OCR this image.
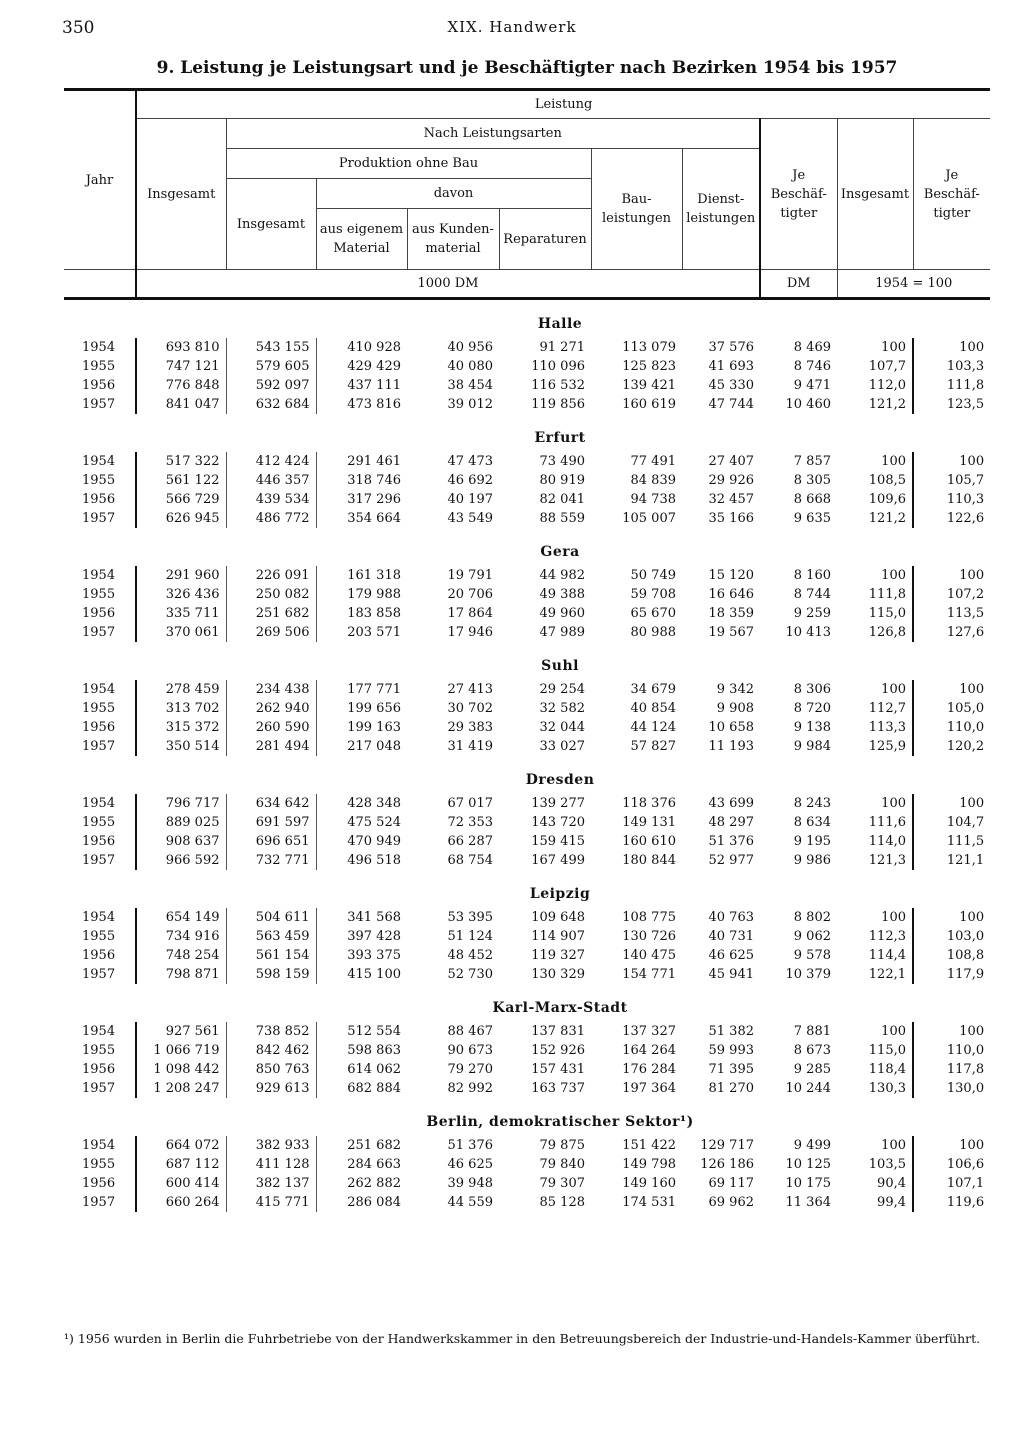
350	XIX. Handwerk
9. Leistung je Leistungsart und je Beschäftigter nach Bezirken 1954 bis 1957
Jahr	Leistung									
	Insgesamt	Nach Leistungsarten						Je Beschäf-tigter	Insgesamt	Je Beschäf-tigter
		Produktion ohne Bau				Bau-leistungen	Dienst-leistungen			
		Insgesamt	davon							
			aus eigenem Material	aus Kunden-material	Reparaturen					
	1000 DM							DM	1954 = 100	
	Halle									
1954	693 810	543 155	410 928	40 956	91 271	113 079	37 576	8 469	100	100
1955	747 121	579 605	429 429	40 080	110 096	125 823	41 693	8 746	107,7	103,3
1956	776 848	592 097	437 111	38 454	116 532	139 421	45 330	9 471	112,0	111,8
1957	841 047	632 684	473 816	39 012	119 856	160 619	47 744	10 460	121,2	123,5
	Erfurt									
1954	517 322	412 424	291 461	47 473	73 490	77 491	27 407	7 857	100	100
1955	561 122	446 357	318 746	46 692	80 919	84 839	29 926	8 305	108,5	105,7
1956	566 729	439 534	317 296	40 197	82 041	94 738	32 457	8 668	109,6	110,3
1957	626 945	486 772	354 664	43 549	88 559	105 007	35 166	9 635	121,2	122,6
	Gera									
1954	291 960	226 091	161 318	19 791	44 982	50 749	15 120	8 160	100	100
1955	326 436	250 082	179 988	20 706	49 388	59 708	16 646	8 744	111,8	107,2
1956	335 711	251 682	183 858	17 864	49 960	65 670	18 359	9 259	115,0	113,5
1957	370 061	269 506	203 571	17 946	47 989	80 988	19 567	10 413	126,8	127,6
	Suhl									
1954	278 459	234 438	177 771	27 413	29 254	34 679	9 342	8 306	100	100
1955	313 702	262 940	199 656	30 702	32 582	40 854	9 908	8 720	112,7	105,0
1956	315 372	260 590	199 163	29 383	32 044	44 124	10 658	9 138	113,3	110,0
1957	350 514	281 494	217 048	31 419	33 027	57 827	11 193	9 984	125,9	120,2
	Dresden									
1954	796 717	634 642	428 348	67 017	139 277	118 376	43 699	8 243	100	100
1955	889 025	691 597	475 524	72 353	143 720	149 131	48 297	8 634	111,6	104,7
1956	908 637	696 651	470 949	66 287	159 415	160 610	51 376	9 195	114,0	111,5
1957	966 592	732 771	496 518	68 754	167 499	180 844	52 977	9 986	121,3	121,1
	Leipzig									
1954	654 149	504 611	341 568	53 395	109 648	108 775	40 763	8 802	100	100
1955	734 916	563 459	397 428	51 124	114 907	130 726	40 731	9 062	112,3	103,0
1956	748 254	561 154	393 375	48 452	119 327	140 475	46 625	9 578	114,4	108,8
1957	798 871	598 159	415 100	52 730	130 329	154 771	45 941	10 379	122,1	117,9
	Karl-Marx-Stadt									
1954	927 561	738 852	512 554	88 467	137 831	137 327	51 382	7 881	100	100
1955	1 066 719	842 462	598 863	90 673	152 926	164 264	59 993	8 673	115,0	110,0
1956	1 098 442	850 763	614 062	79 270	157 431	176 284	71 395	9 285	118,4	117,8
1957	1 208 247	929 613	682 884	82 992	163 737	197 364	81 270	10 244	130,3	130,0
	Berlin, demokratischer Sektor¹)									
1954	664 072	382 933	251 682	51 376	79 875	151 422	129 717	9 499	100	100
1955	687 112	411 128	284 663	46 625	79 840	149 798	126 186	10 125	103,5	106,6
1956	600 414	382 137	262 882	39 948	79 307	149 160	69 117	10 175	90,4	107,1
1957	660 264	415 771	286 084	44 559	85 128	174 531	69 962	11 364	99,4	119,6
¹) 1956 wurden in Berlin die Fuhrbetriebe von der Handwerkskammer in den Betreuungsbereich der Industrie-und-Handels-Kammer überführt.
